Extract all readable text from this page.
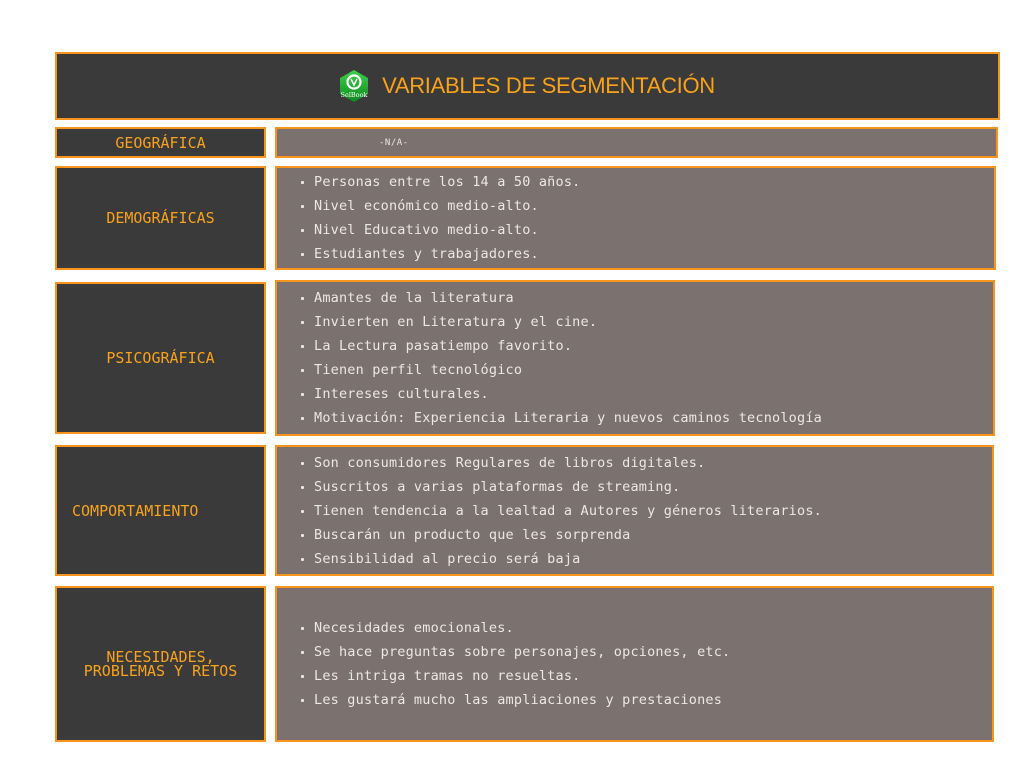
SelBook VARIABLES DE SEGMENTACIÓN
GEOGRÁFICA	-N/A-
DEMOGRÁFICAS
Personas entre los 14 a 50 años.
Nivel económico medio-alto.
Nivel Educativo medio-alto.
Estudiantes y trabajadores.
PSICOGRÁFICA
Amantes de la literatura
Invierten en Literatura y el cine.
La Lectura pasatiempo favorito.
Tienen perfil tecnológico
Intereses culturales.
Motivación: Experiencia Literaria y nuevos caminos tecnología
COMPORTAMIENTO
Son consumidores Regulares de libros digitales.
Suscritos a varias plataformas de streaming.
Tienen tendencia a la lealtad a Autores y géneros literarios.
Buscarán un producto que les sorprenda
Sensibilidad al precio será baja
NECESIDADES,
PROBLEMAS Y RETOS
Necesidades emocionales.
Se hace preguntas sobre personajes, opciones, etc.
Les intriga tramas no resueltas.
Les gustará mucho las ampliaciones y prestaciones
